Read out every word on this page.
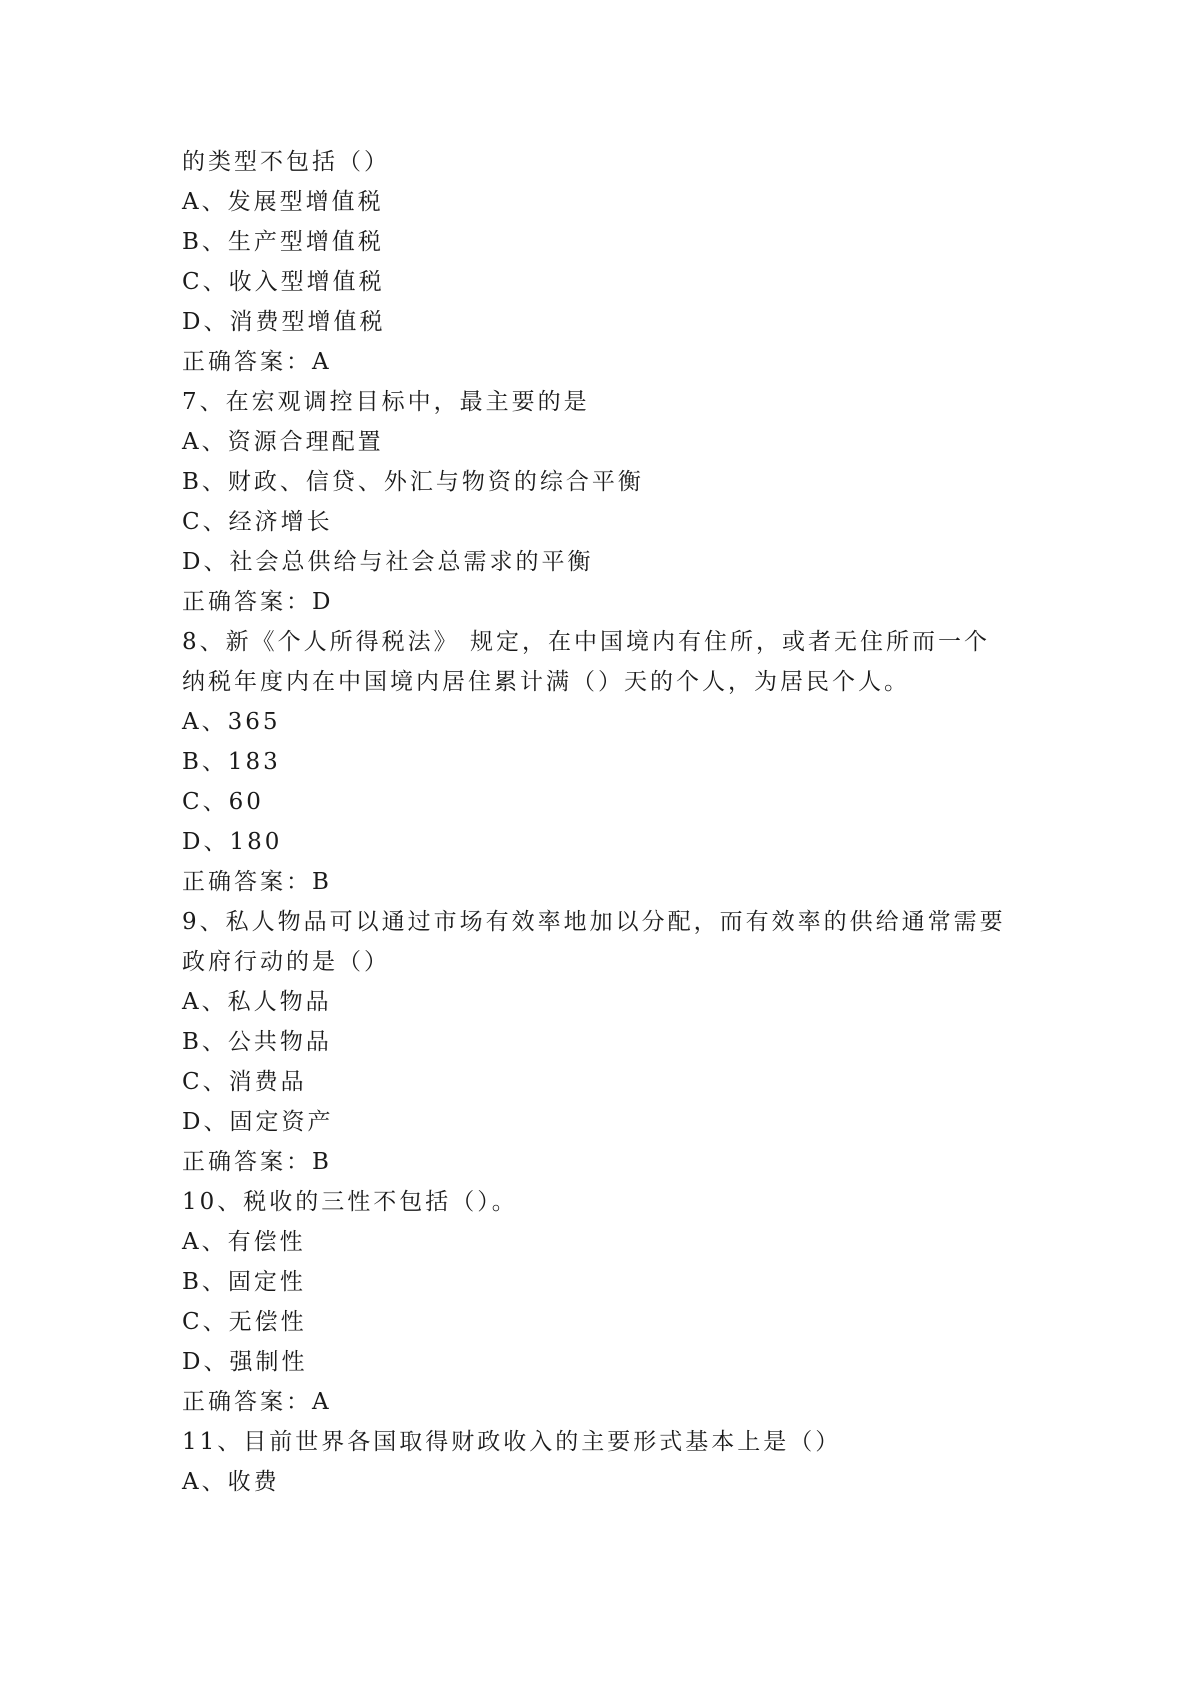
的类型不包括（）
A、发展型增值税
B、生产型增值税
C、收入型增值税
D、消费型增值税
正确答案：A
7、在宏观调控目标中，最主要的是
A、资源合理配置
B、财政、信贷、外汇与物资的综合平衡
C、经济增长
D、社会总供给与社会总需求的平衡
正确答案：D
8、新《个人所得税法》 规定，在中国境内有住所，或者无住所而一个
纳税年度内在中国境内居住累计满（）天的个人，为居民个人。
A、365
B、183
C、60
D、180
正确答案：B
9、私人物品可以通过市场有效率地加以分配，而有效率的供给通常需要
政府行动的是（）
A、私人物品
B、公共物品
C、消费品
D、固定资产
正确答案：B
10、税收的三性不包括（）。
A、有偿性
B、固定性
C、无偿性
D、强制性
正确答案：A
11、目前世界各国取得财政收入的主要形式基本上是（）
A、收费
